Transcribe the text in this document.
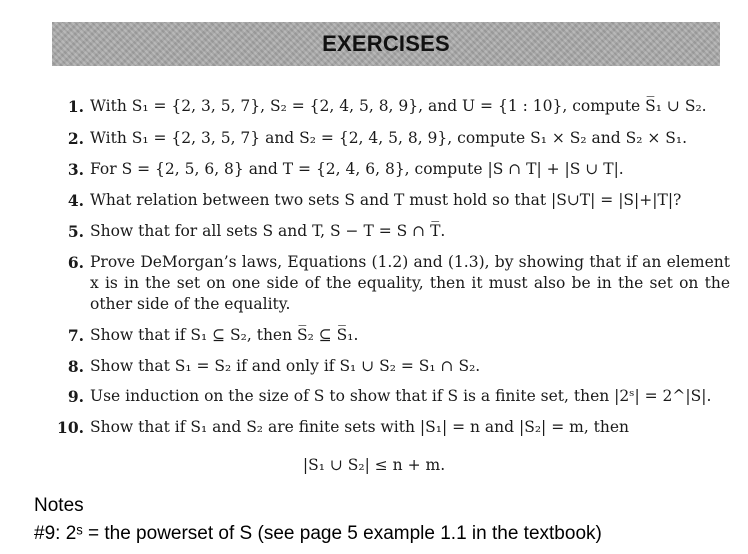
EXERCISES
1. With S₁ = {2, 3, 5, 7}, S₂ = {2, 4, 5, 8, 9}, and U = {1 : 10}, compute S̅₁ ∪ S₂.
2. With S₁ = {2, 3, 5, 7} and S₂ = {2, 4, 5, 8, 9}, compute S₁ × S₂ and S₂ × S₁.
3. For S = {2, 5, 6, 8} and T = {2, 4, 6, 8}, compute |S ∩ T| + |S ∪ T|.
4. What relation between two sets S and T must hold so that |S∪T| = |S|+|T|?
5. Show that for all sets S and T, S − T = S ∩ T̅.
6. Prove DeMorgan’s laws, Equations (1.2) and (1.3), by showing that if an element x is in the set on one side of the equality, then it must also be in the set on the other side of the equality.
7. Show that if S₁ ⊆ S₂, then S̅₂ ⊆ S̅₁.
8. Show that S₁ = S₂ if and only if S₁ ∪ S₂ = S₁ ∩ S₂.
9. Use induction on the size of S to show that if S is a finite set, then |2ˢ| = 2^|S|.
10. Show that if S₁ and S₂ are finite sets with |S₁| = n and |S₂| = m, then
|S₁ ∪ S₂| ≤ n + m.
Notes
#9: 2ˢ = the powerset of S (see page 5 example 1.1 in the textbook)
